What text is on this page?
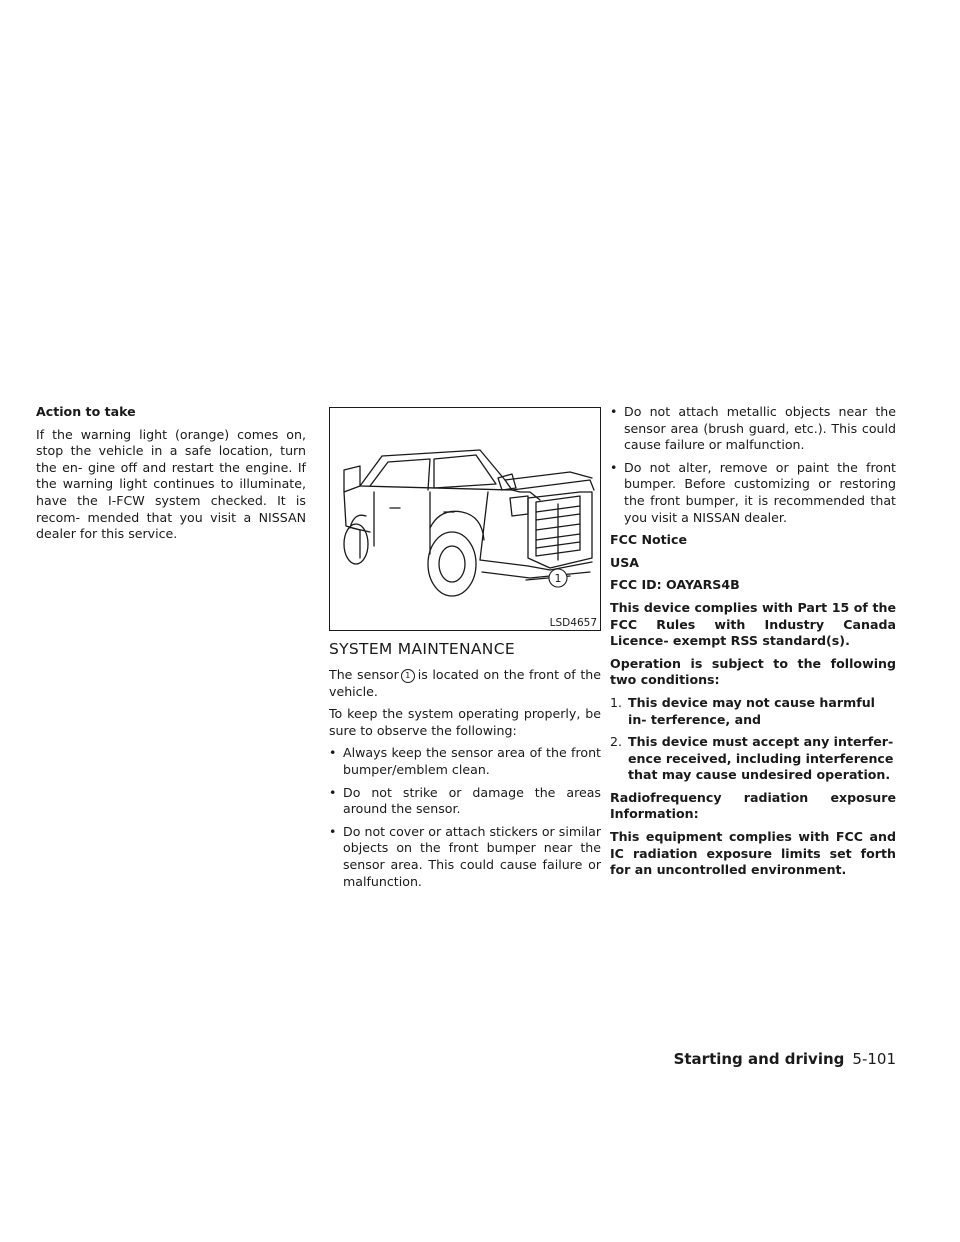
Action to take

If the warning light (orange) comes on, stop the vehicle in a safe location, turn the en- gine off and restart the engine. If the warning light continues to illuminate, have the I-FCW system checked. It is recom- mended that you visit a NISSAN dealer for this service.

1
LSD4657
SYSTEM MAINTENANCE

The sensor 1 is located on the front of the vehicle.

To keep the system operating properly, be sure to observe the following:

• Always keep the sensor area of the front bumper/emblem clean.
• Do not strike or damage the areas around the sensor.
• Do not cover or attach stickers or similar objects on the front bumper near the sensor area. This could cause failure or malfunction.
• Do not attach metallic objects near the sensor area (brush guard, etc.). This could cause failure or malfunction.
• Do not alter, remove or paint the front bumper. Before customizing or restoring the front bumper, it is recommended that you visit a NISSAN dealer.

FCC Notice

USA

FCC ID: OAYARS4B

This device complies with Part 15 of the FCC Rules with Industry Canada Licence- exempt RSS standard(s).

Operation is subject to the following two conditions:

1. This device may not cause harmful in- terference, and
2. This device must accept any interfer- ence received, including interference that may cause undesired operation.

Radiofrequency radiation exposure Information:

This equipment complies with FCC and IC radiation exposure limits set forth for an uncontrolled environment.

Starting and driving 5-101
